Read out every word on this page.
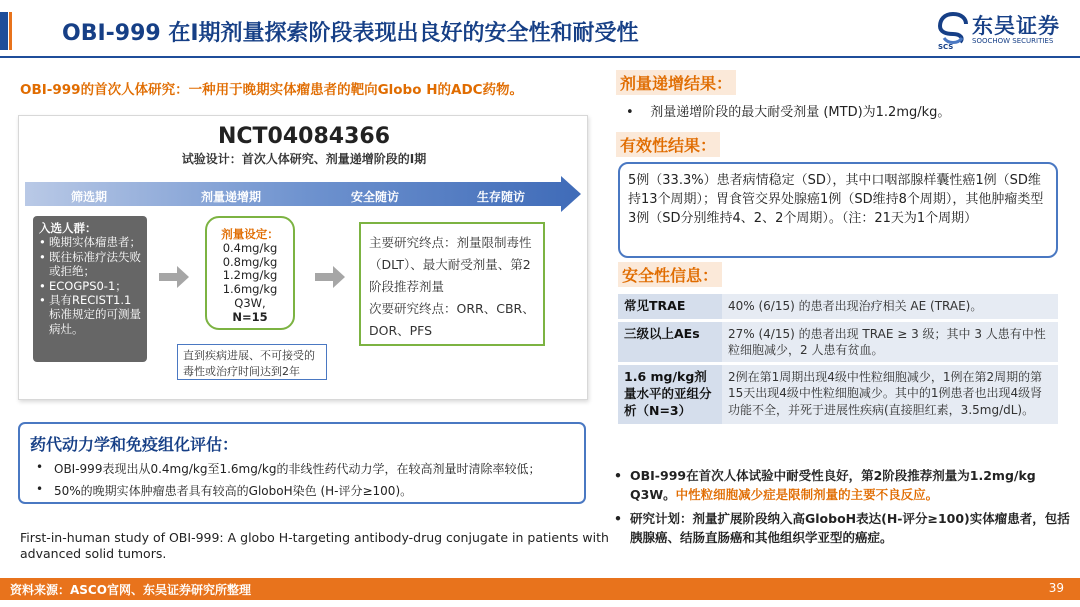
OBI-999 在I期剂量探索阶段表现出良好的安全性和耐受性	东吴证券
SOOCHOW SECURITIES
SCS
OBI-999的首次人体研究：一种用于晚期实体瘤患者的靶向Globo H的ADC药物。
NCT04084366
试验设计：首次人体研究、剂量递增阶段的I期
筛选期	剂量递增期	安全随访	生存随访
入选人群：
• 晚期实体瘤患者；
• 既往标准疗法失败或拒绝；
• ECOGPS0-1；
• 具有RECIST1.1标准规定的可测量病灶。
剂量设定：
0.4mg/kg
0.8mg/kg
1.2mg/kg
1.6mg/kg
Q3W,
N=15
主要研究终点：剂量限制毒性（DLT）、最大耐受剂量、第2阶段推荐剂量
次要研究终点：ORR、CBR、DOR、PFS
直到疾病进展、不可接受的毒性或治疗时间达到2年
药代动力学和免疫组化评估：
• OBI-999表现出从0.4mg/kg至1.6mg/kg的非线性药代动力学，在较高剂量时清除率较低；
• 50%的晚期实体肿瘤患者具有较高的GloboH染色 (H-评分≥100)。
First-in-human study of OBI-999: A globo H-targeting antibody-drug conjugate in patients with advanced solid tumors.
剂量递增结果：
•    剂量递增阶段的最大耐受剂量 (MTD)为1.2mg/kg。
有效性结果：
5例（33.3%）患者病情稳定（SD），其中口咽部腺样囊性癌1例（SD维持13个周期）；胃食管交界处腺癌1例（SD维持8个周期），其他肿瘤类型3例（SD分别维持4、2、2个周期）。（注：21天为1个周期）
安全性信息：
常见TRAE	40% (6/15) 的患者出现治疗相关 AE (TRAE)。
三级以上AEs	27% (4/15) 的患者出现 TRAE ≥ 3 级；其中 3 人患有中性粒细胞减少，2 人患有贫血。
1.6 mg/kg剂量水平的亚组分析（N=3）	2例在第1周期出现4级中性粒细胞减少，1例在第2周期的第15天出现4级中性粒细胞减少。其中的1例患者也出现4级肾功能不全，并死于进展性疾病(直接胆红素，3.5mg/dL)。
• OBI-999在首次人体试验中耐受性良好，第2阶段推荐剂量为1.2mg/kg Q3W。中性粒细胞减少症是限制剂量的主要不良反应。
• 研究计划：剂量扩展阶段纳入高GloboH表达(H-评分≥100)实体瘤患者，包括胰腺癌、结肠直肠癌和其他组织学亚型的癌症。
资料来源：ASCO官网、东吴证券研究所整理	39
